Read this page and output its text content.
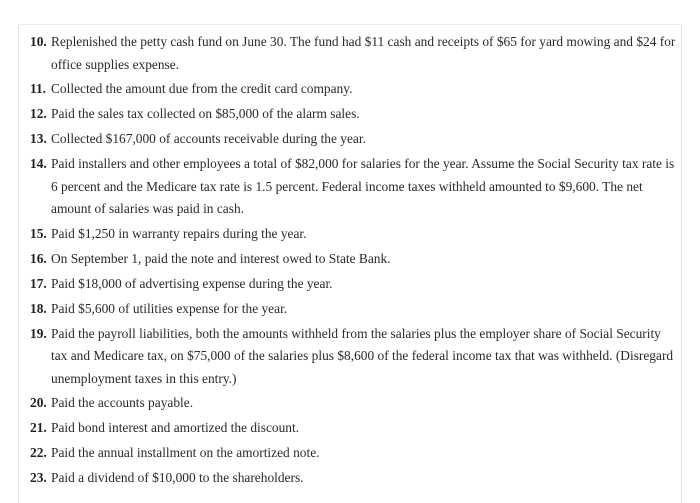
10. Replenished the petty cash fund on June 30. The fund had $11 cash and receipts of $65 for yard mowing and $24 for office supplies expense.
11. Collected the amount due from the credit card company.
12. Paid the sales tax collected on $85,000 of the alarm sales.
13. Collected $167,000 of accounts receivable during the year.
14. Paid installers and other employees a total of $82,000 for salaries for the year. Assume the Social Security tax rate is 6 percent and the Medicare tax rate is 1.5 percent. Federal income taxes withheld amounted to $9,600. The net amount of salaries was paid in cash.
15. Paid $1,250 in warranty repairs during the year.
16. On September 1, paid the note and interest owed to State Bank.
17. Paid $18,000 of advertising expense during the year.
18. Paid $5,600 of utilities expense for the year.
19. Paid the payroll liabilities, both the amounts withheld from the salaries plus the employer share of Social Security tax and Medicare tax, on $75,000 of the salaries plus $8,600 of the federal income tax that was withheld. (Disregard unemployment taxes in this entry.)
20. Paid the accounts payable.
21. Paid bond interest and amortized the discount.
22. Paid the annual installment on the amortized note.
23. Paid a dividend of $10,000 to the shareholders.
